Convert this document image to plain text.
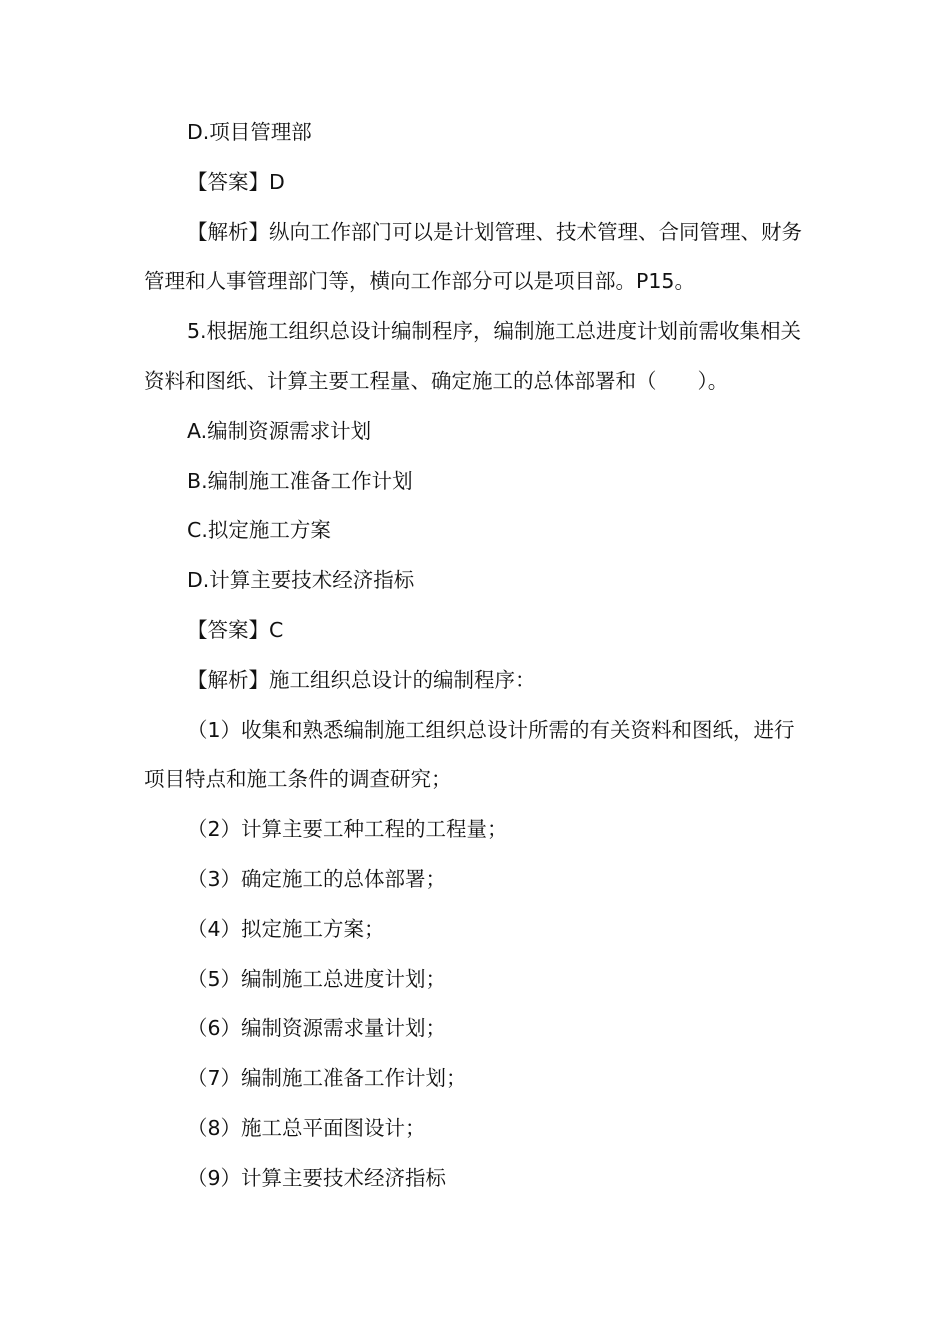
D.项目管理部

【答案】D

【解析】纵向工作部门可以是计划管理、技术管理、合同管理、财务管理和人事管理部门等，横向工作部分可以是项目部。P15。

5.根据施工组织总设计编制程序，编制施工总进度计划前需收集相关资料和图纸、计算主要工程量、确定施工的总体部署和（　　）。

A.编制资源需求计划

B.编制施工准备工作计划

C.拟定施工方案

D.计算主要技术经济指标

【答案】C

【解析】施工组织总设计的编制程序：

（1）收集和熟悉编制施工组织总设计所需的有关资料和图纸，进行项目特点和施工条件的调查研究；

（2）计算主要工种工程的工程量；

（3）确定施工的总体部署；

（4）拟定施工方案；

（5）编制施工总进度计划；

（6）编制资源需求量计划；

（7）编制施工准备工作计划；

（8）施工总平面图设计；

（9）计算主要技术经济指标
